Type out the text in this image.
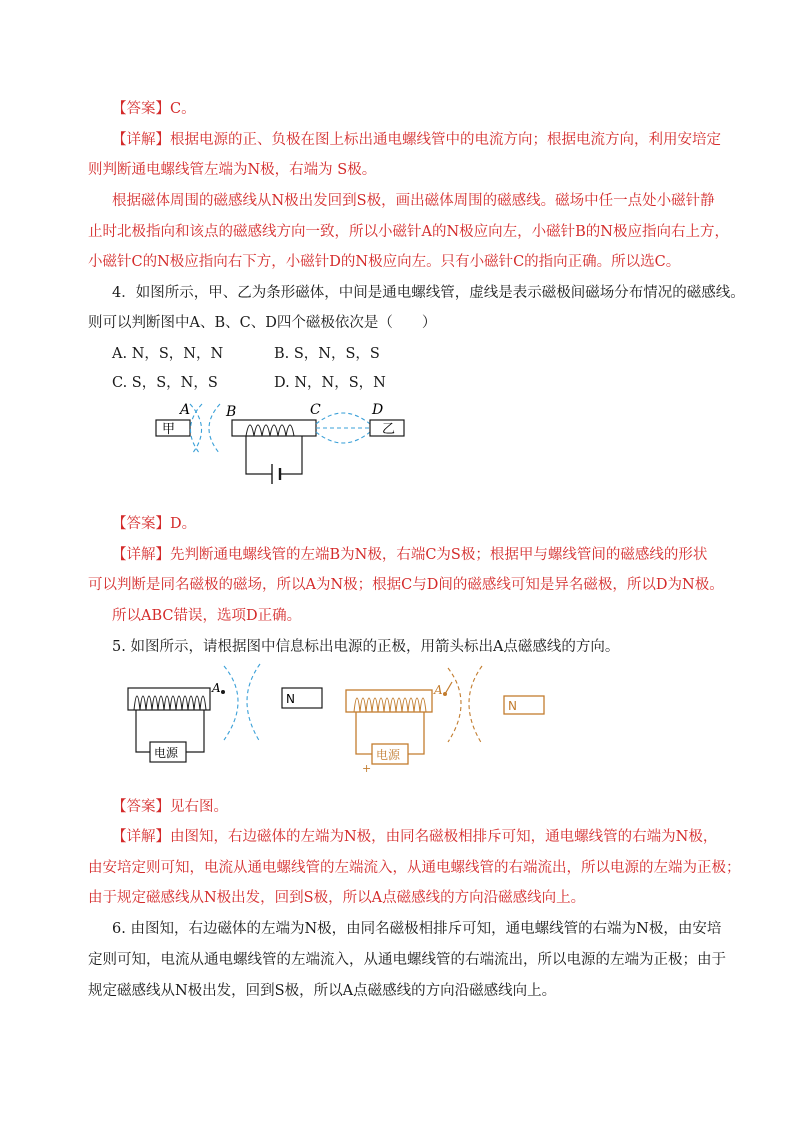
【答案】C。
【详解】根据电源的正、负极在图上标出通电螺线管中的电流方向；根据电流方向，利用安培定
则判断通电螺线管左端为N极，右端为 S极。
根据磁体周围的磁感线从N极出发回到S极，画出磁体周围的磁感线。磁场中任一点处小磁针静
止时北极指向和该点的磁感线方向一致，所以小磁针A的N极应向左，小磁针B的N极应指向右上方，
小磁针C的N极应指向右下方，小磁针D的N极应向左。只有小磁针C的指向正确。所以选C。
4．如图所示，甲、乙为条形磁体，中间是通电螺线管，虚线是表示磁极间磁场分布情况的磁感线。
则可以判断图中A、B、C、D四个磁极依次是（　　）
A. N，S，N，N	B. S，N，S，S
C. S，S，N，S	D. N，N，S，N
甲
A	B	C	D
乙
【答案】D。
【详解】先判断通电螺线管的左端B为N极，右端C为S极；根据甲与螺线管间的磁感线的形状
可以判断是同名磁极的磁场，所以A为N极；根据C与D间的磁感线可知是异名磁极，所以D为N极。
所以ABC错误，选项D正确。
5. 如图所示，请根据图中信息标出电源的正极，用箭头标出A点磁感线的方向。
电源
A
N
电源
+
A
N
【答案】见右图。
【详解】由图知，右边磁体的左端为N极，由同名磁极相排斥可知，通电螺线管的右端为N极，
由安培定则可知，电流从通电螺线管的左端流入，从通电螺线管的右端流出，所以电源的左端为正极；
由于规定磁感线从N极出发，回到S极，所以A点磁感线的方向沿磁感线向上。
6. 由图知，右边磁体的左端为N极，由同名磁极相排斥可知，通电螺线管的右端为N极，由安培
定则可知，电流从通电螺线管的左端流入，从通电螺线管的右端流出，所以电源的左端为正极；由于
规定磁感线从N极出发，回到S极，所以A点磁感线的方向沿磁感线向上。
